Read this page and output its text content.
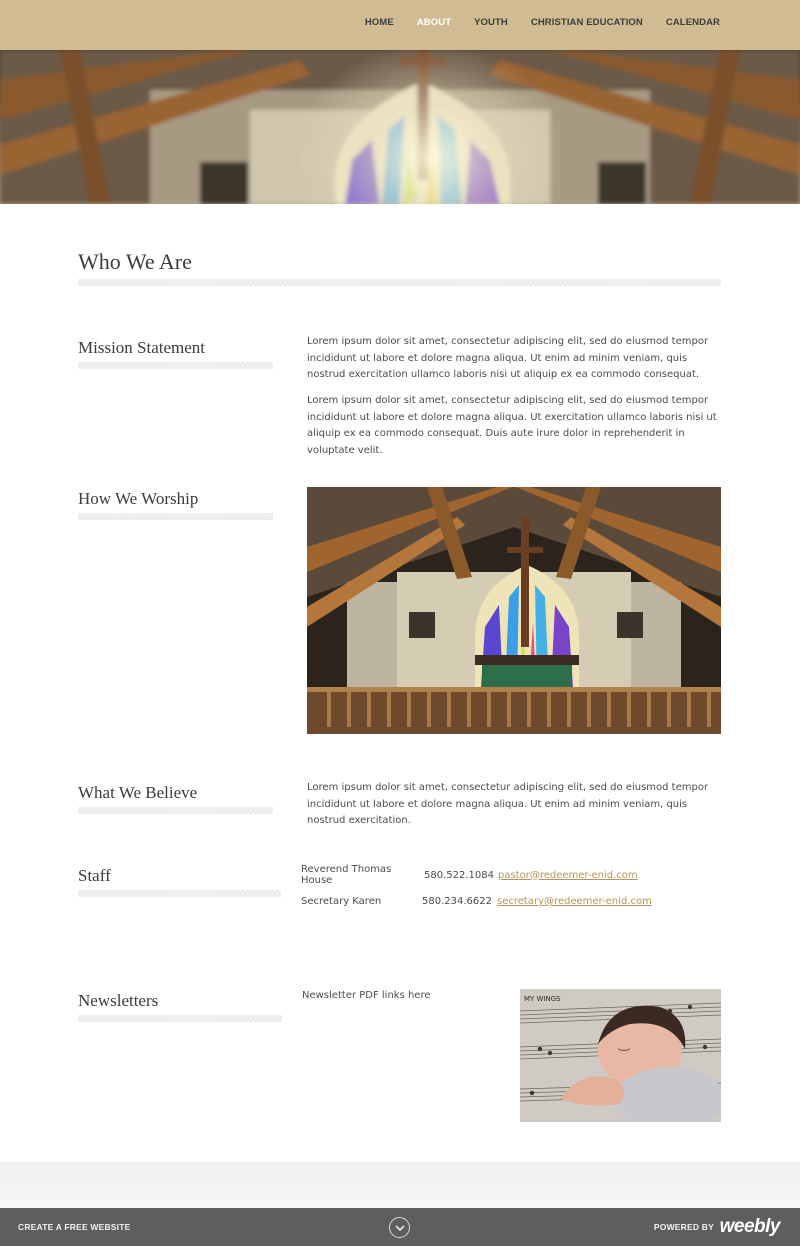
HOME ABOUT YOUTH CHRISTIAN EDUCATION CALENDAR
Who We Are
Mission Statement	Lorem ipsum dolor sit amet, consectetur adipiscing elit, sed do eiusmod tempor incididunt ut labore et dolore magna aliqua. Ut enim ad minim veniam, quis nostrud exercitation ullamco laboris nisi ut aliquip ex ea commodo consequat.

Lorem ipsum dolor sit amet, consectetur adipiscing elit, sed do eiusmod tempor incididunt ut labore et dolore magna aliqua. Ut exercitation ullamco laboris nisi ut aliquip ex ea commodo consequat. Duis aute irure dolor in reprehenderit in voluptate velit.

How We Worship
What We Believe	Lorem ipsum dolor sit amet, consectetur adipiscing elit, sed do eiusmod tempor incididunt ut labore et dolore magna aliqua. Ut enim ad minim veniam, quis nostrud exercitation.

Staff	Reverend Thomas House	580.522.1084 pastor@redeemer-enid.com
Secretary Karen	580.234.6622 secretary@redeemer-enid.com
Newsletters	Newsletter PDF links here	MY WINGS
CREATE A FREE WEBSITE	POWERED BY weebly
